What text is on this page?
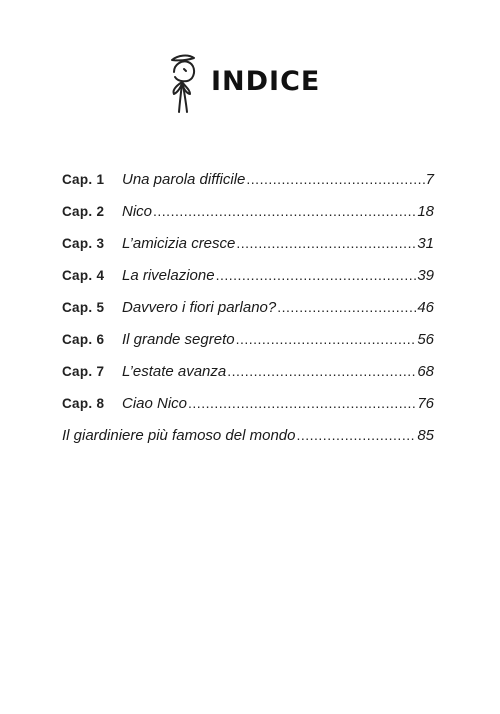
INDICE
Cap. 1	Una parola difficile .....	7
Cap. 2	Nico .....	18
Cap. 3	L’amicizia cresce .....	31
Cap. 4	La rivelazione .....	39
Cap. 5	Davvero i fiori parlano? .....	46
Cap. 6	Il grande segreto .....	56
Cap. 7	L’estate avanza .....	68
Cap. 8	Ciao Nico .....	76
Il giardiniere più famoso del mondo .....	85
